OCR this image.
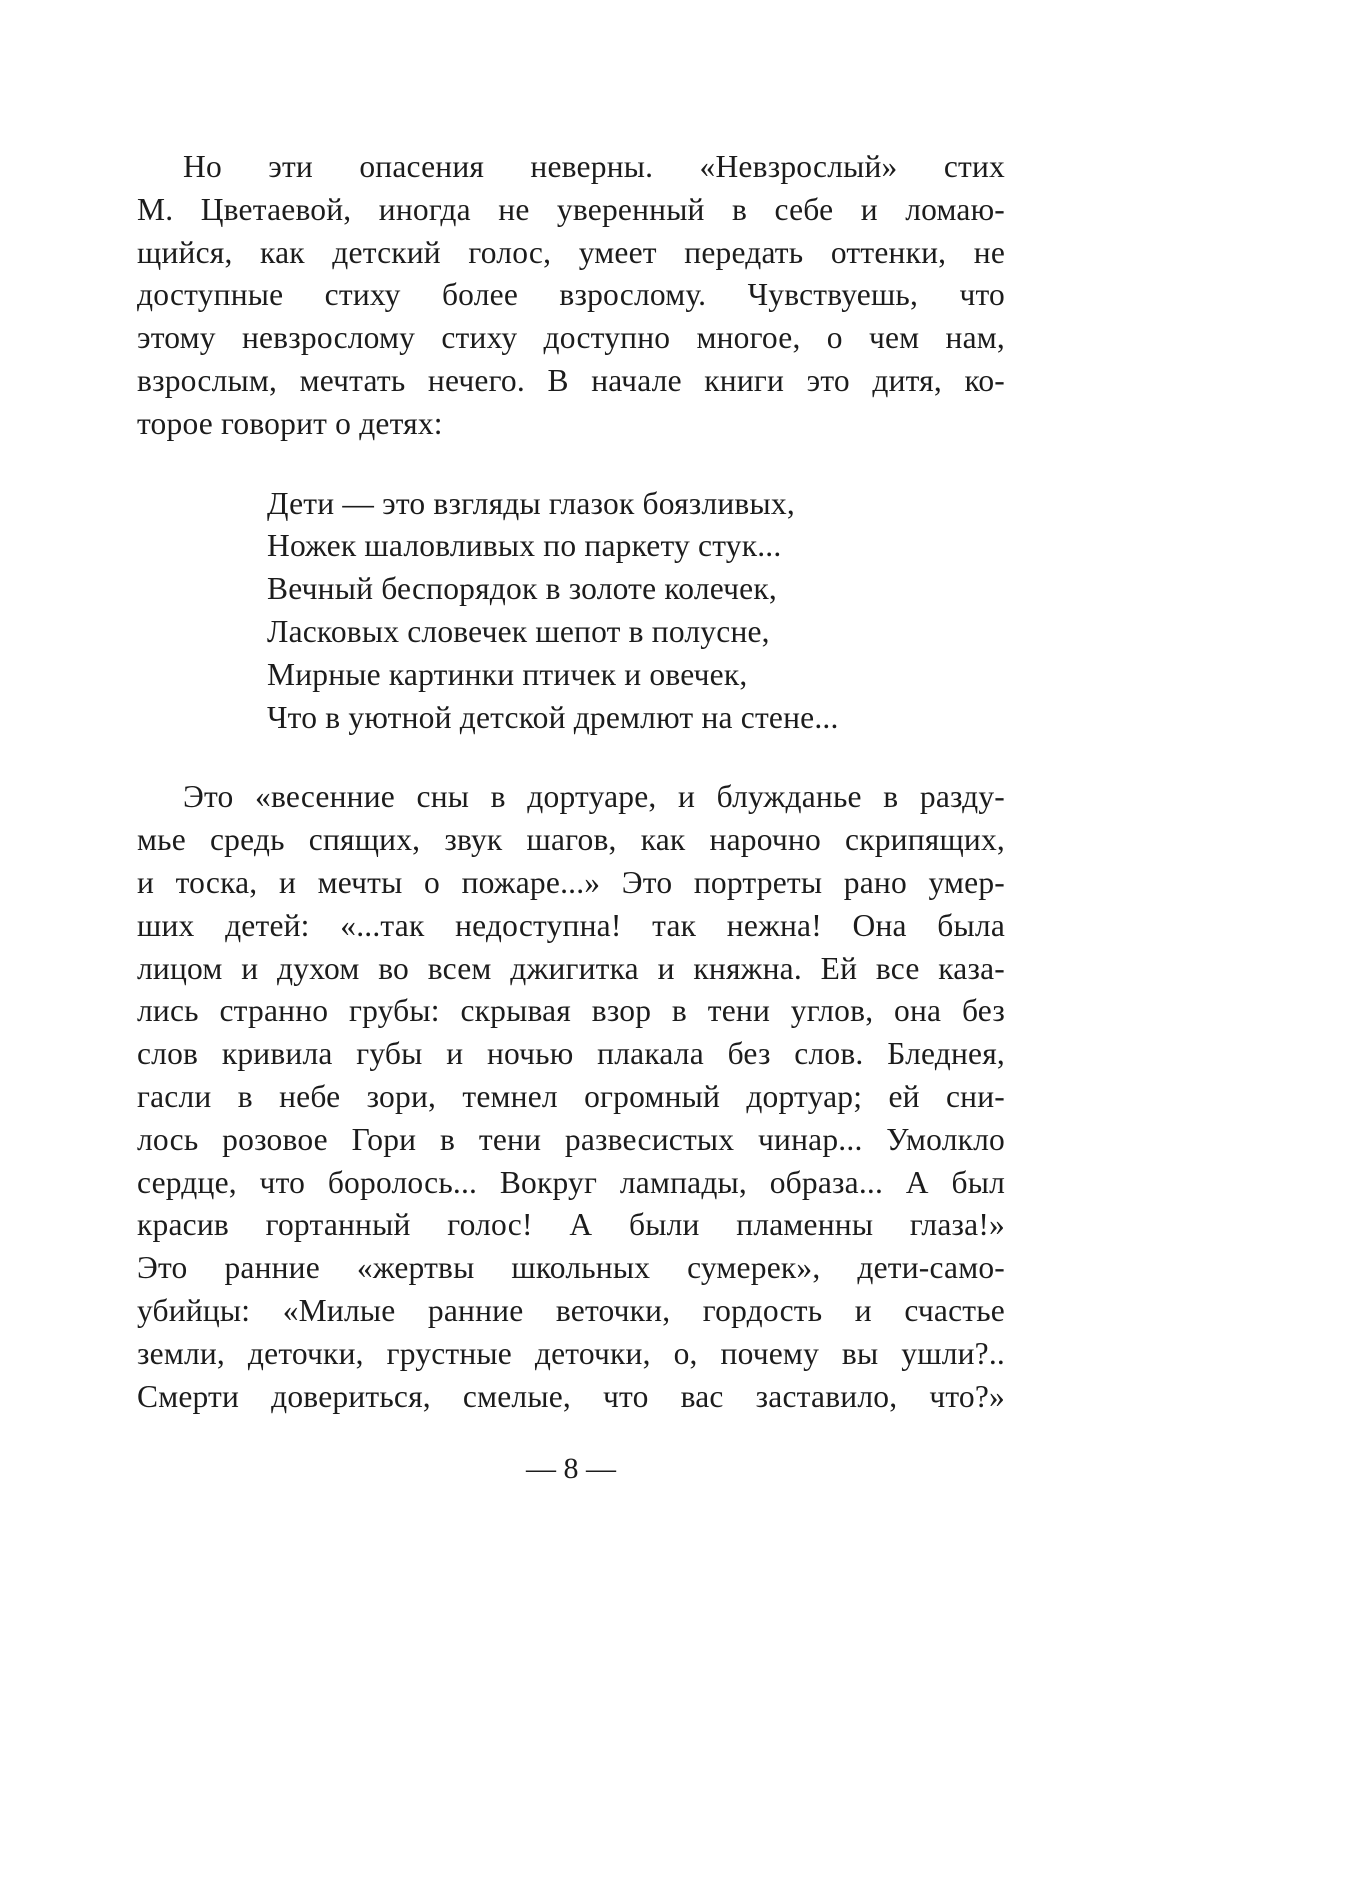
Но эти опасения неверны. «Невзрослый» стих
М. Цветаевой, иногда не уверенный в себе и ломаю-
щийся, как детский голос, умеет передать оттенки, не
доступные стиху более взрослому. Чувствуешь, что
этому невзрослому стиху доступно многое, о чем нам,
взрослым, мечтать нечего. В начале книги это дитя, ко-
торое говорит о детях:
Дети — это взгляды глазок боязливых,
Ножек шаловливых по паркету стук...
Вечный беспорядок в золоте колечек,
Ласковых словечек шепот в полусне,
Мирные картинки птичек и овечек,
Что в уютной детской дремлют на стене...
Это «весенние сны в дортуаре, и блужданье в разду-
мье средь спящих, звук шагов, как нарочно скрипящих,
и тоска, и мечты о пожаре...» Это портреты рано умер-
ших детей: «...так недоступна! так нежна! Она была
лицом и духом во всем джигитка и княжна. Ей все каза-
лись странно грубы: скрывая взор в тени углов, она без
слов кривила губы и ночью плакала без слов. Бледнея,
гасли в небе зори, темнел огромный дортуар; ей сни-
лось розовое Гори в тени развесистых чинар... Умолкло
сердце, что боролось... Вокруг лампады, образа... А был
красив гортанный голос! А были пламенны глаза!»
Это ранние «жертвы школьных сумерек», дети-само-
убийцы: «Милые ранние веточки, гордость и счастье
земли, деточки, грустные деточки, о, почему вы ушли?..
Смерти довериться, смелые, что вас заставило, что?»
— 8 —
